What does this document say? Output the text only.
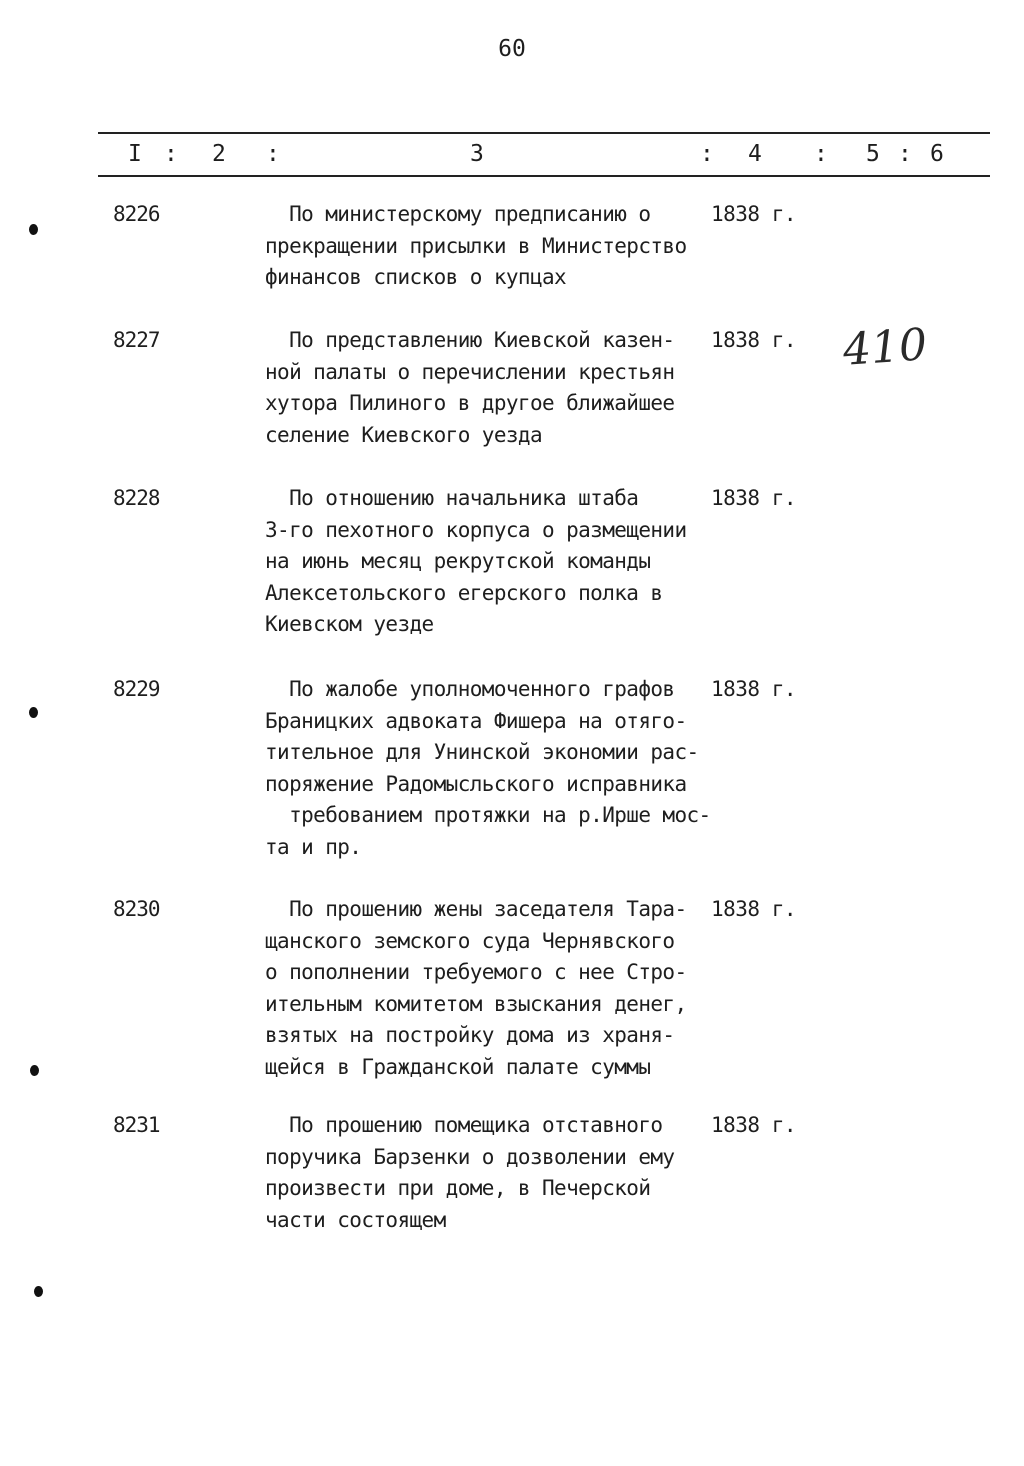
60
I : 2 :	3	: 4 : 5 : 6
8226	По министерскому предписанию о
прекращении присылки в Министерство
финансов списков о купцах
1838 г.
8227	По представлению Киевской казен-
ной палаты о перечислении крестьян
хутора Пилиного в другое ближайшее
селение Киевского уезда
1838 г. 410
8228	По отношению начальника штаба
3-го пехотного корпуса о размещении
на июнь месяц рекрутской команды
Алексетольского егерского полка в
Киевском уезде
1838 г.
8229	По жалобе уполномоченного графов
Браницких адвоката Фишера на отяго-
тительное для Унинской экономии рас-
поряжение Радомысльского исправника
требованием протяжки на р.Ирше мос-
та и пр.
1838 г.
8230	По прошению жены заседателя Тара-
щанского земского суда Чернявского
о пополнении требуемого с нее Стро-
ительным комитетом взыскания денег,
взятых на постройку дома из храня-
щейся в Гражданской палате суммы
1838 г.
8231	По прошению помещика отставного
поручика Барзенки о дозволении ему
произвести при доме, в Печерской
части состоящем
1838 г.
